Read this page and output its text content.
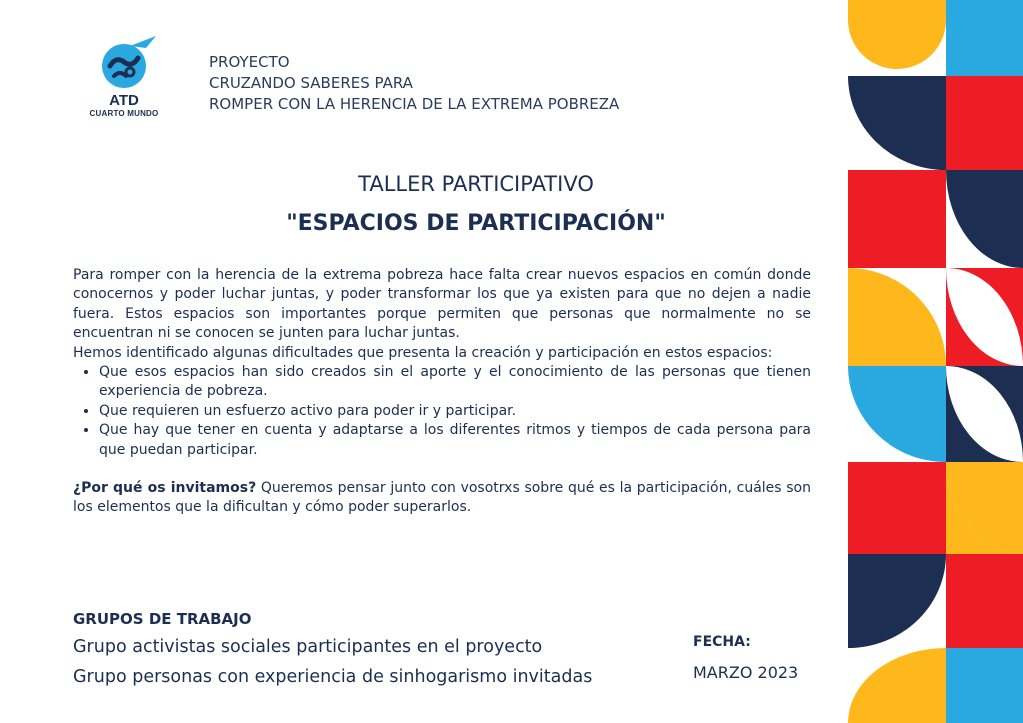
ATD
CUARTO MUNDO
PROYECTO
CRUZANDO SABERES PARA
ROMPER CON LA HERENCIA DE LA EXTREMA POBREZA
TALLER PARTICIPATIVO
"ESPACIOS DE PARTICIPACIÓN"

Para romper con la herencia de la extrema pobreza hace falta crear nuevos espacios en común donde conocernos y poder luchar juntas, y poder transformar los que ya existen para que no dejen a nadie fuera. Estos espacios son importantes porque permiten que personas que normalmente no se encuentran ni se conocen se junten para luchar juntas.

Hemos identificado algunas dificultades que presenta la creación y participación en estos espacios:

• Que esos espacios han sido creados sin el aporte y el conocimiento de las personas que tienen experiencia de pobreza.
• Que requieren un esfuerzo activo para poder ir y participar.
• Que hay que tener en cuenta y adaptarse a los diferentes ritmos y tiempos de cada persona para que puedan participar.

¿Por qué os invitamos? Queremos pensar junto con vosotrxs sobre qué es la participación, cuáles son los elementos que la dificultan y cómo poder superarlos.

GRUPOS DE TRABAJO
Grupo activistas sociales participantes en el proyecto
Grupo personas con experiencia de sinhogarismo invitadas
FECHA:
MARZO 2023
